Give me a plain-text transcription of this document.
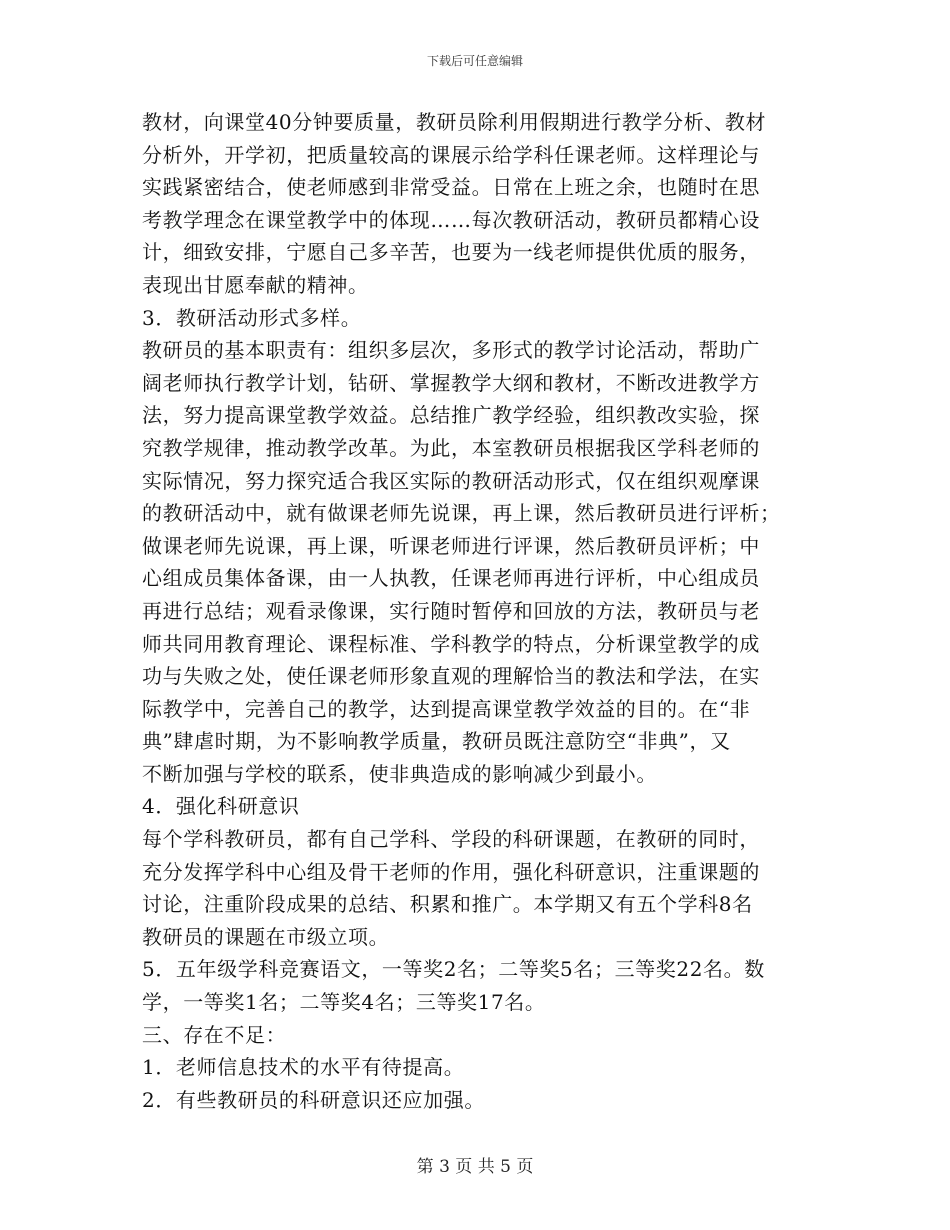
下载后可任意编辑
教材，向课堂40分钟要质量，教研员除利用假期进行教学分析、教材
分析外，开学初，把质量较高的课展示给学科任课老师。这样理论与
实践紧密结合，使老师感到非常受益。日常在上班之余，也随时在思
考教学理念在课堂教学中的体现……每次教研活动，教研员都精心设
计，细致安排，宁愿自己多辛苦，也要为一线老师提供优质的服务，
表现出甘愿奉献的精神。
3．教研活动形式多样。
教研员的基本职责有：组织多层次，多形式的教学讨论活动，帮助广
阔老师执行教学计划，钻研、掌握教学大纲和教材，不断改进教学方
法，努力提高课堂教学效益。总结推广教学经验，组织教改实验，探
究教学规律，推动教学改革。为此，本室教研员根据我区学科老师的
实际情况，努力探究适合我区实际的教研活动形式，仅在组织观摩课
的教研活动中，就有做课老师先说课，再上课，然后教研员进行评析；
做课老师先说课，再上课，听课老师进行评课，然后教研员评析；中
心组成员集体备课，由一人执教，任课老师再进行评析，中心组成员
再进行总结；观看录像课，实行随时暂停和回放的方法，教研员与老
师共同用教育理论、课程标准、学科教学的特点，分析课堂教学的成
功与失败之处，使任课老师形象直观的理解恰当的教法和学法，在实
际教学中，完善自己的教学，达到提高课堂教学效益的目的。在“非
典”肆虐时期，为不影响教学质量，教研员既注意防空“非典”，又
不断加强与学校的联系，使非典造成的影响减少到最小。
4．强化科研意识
每个学科教研员，都有自己学科、学段的科研课题，在教研的同时，
充分发挥学科中心组及骨干老师的作用，强化科研意识，注重课题的
讨论，注重阶段成果的总结、积累和推广。本学期又有五个学科8名
教研员的课题在市级立项。
5．五年级学科竞赛语文，一等奖2名；二等奖5名；三等奖22名。数
学，一等奖1名；二等奖4名；三等奖17名。
三、存在不足：
1．老师信息技术的水平有待提高。
2．有些教研员的科研意识还应加强。
第 3 页 共 5 页
